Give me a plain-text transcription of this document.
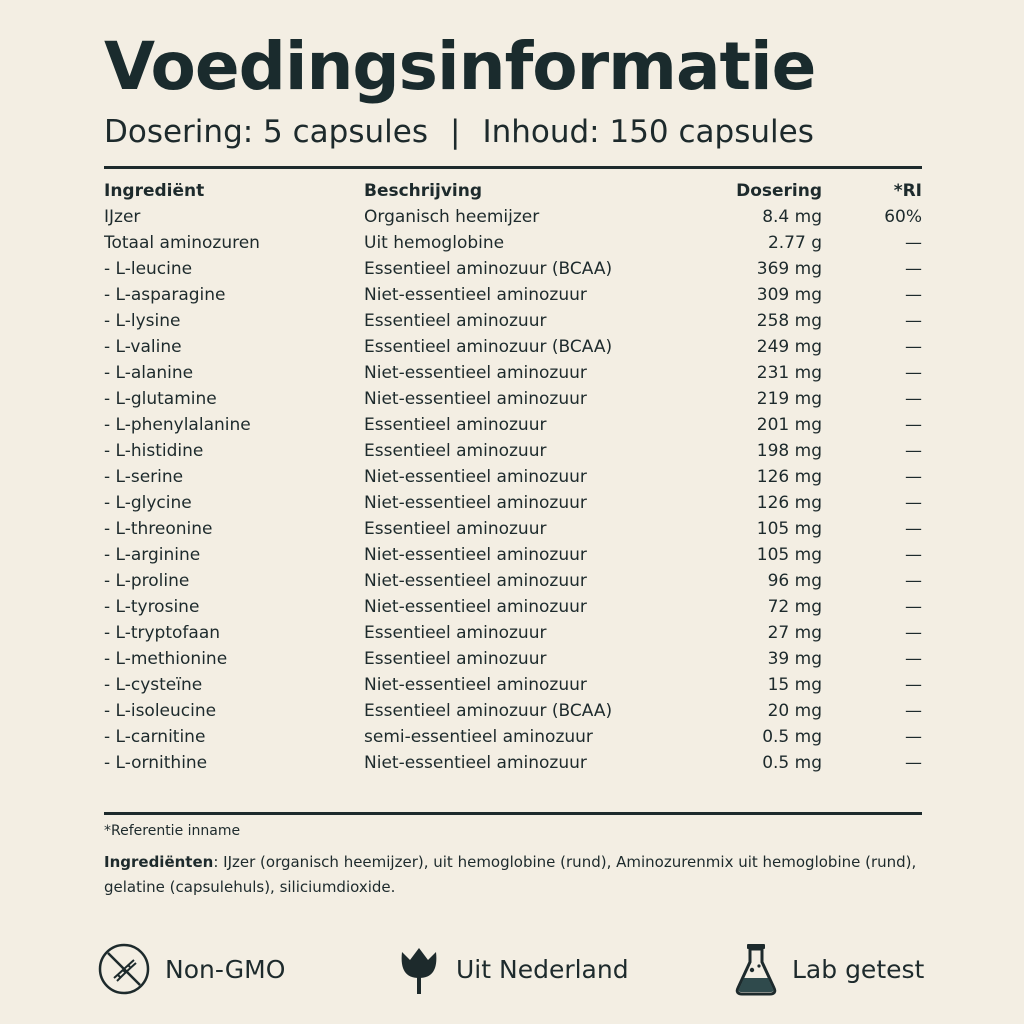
Voedingsinformatie
Dosering: 5 capsules | Inhoud: 150 capsules
Ingrediënt	Beschrijving	Dosering	*RI
IJzer	Organisch heemijzer	8.4 mg	60%
Totaal aminozuren	Uit hemoglobine	2.77 g	—
- L-leucine	Essentieel aminozuur (BCAA)	369 mg	—
- L-asparagine	Niet-essentieel aminozuur	309 mg	—
- L-lysine	Essentieel aminozuur	258 mg	—
- L-valine	Essentieel aminozuur (BCAA)	249 mg	—
- L-alanine	Niet-essentieel aminozuur	231 mg	—
- L-glutamine	Niet-essentieel aminozuur	219 mg	—
- L-phenylalanine	Essentieel aminozuur	201 mg	—
- L-histidine	Essentieel aminozuur	198 mg	—
- L-serine	Niet-essentieel aminozuur	126 mg	—
- L-glycine	Niet-essentieel aminozuur	126 mg	—
- L-threonine	Essentieel aminozuur	105 mg	—
- L-arginine	Niet-essentieel aminozuur	105 mg	—
- L-proline	Niet-essentieel aminozuur	96 mg	—
- L-tyrosine	Niet-essentieel aminozuur	72 mg	—
- L-tryptofaan	Essentieel aminozuur	27 mg	—
- L-methionine	Essentieel aminozuur	39 mg	—
- L-cysteïne	Niet-essentieel aminozuur	15 mg	—
- L-isoleucine	Essentieel aminozuur (BCAA)	20 mg	—
- L-carnitine	semi-essentieel aminozuur	0.5 mg	—
- L-ornithine	Niet-essentieel aminozuur	0.5 mg	—
*Referentie inname
Ingrediënten: IJzer (organisch heemijzer), uit hemoglobine (rund), Aminozurenmix uit hemoglobine (rund), gelatine (capsulehuls), siliciumdioxide.
Non-GMO	Uit Nederland	Lab getest
